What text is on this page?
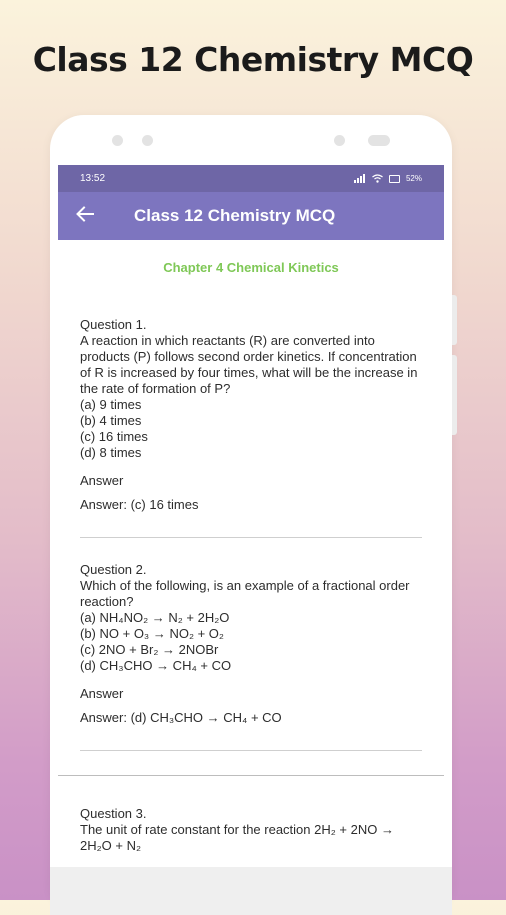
Class 12 Chemistry MCQ
13:52	52%
Class 12 Chemistry MCQ
Chapter 4 Chemical Kinetics
Question 1.
A reaction in which reactants (R) are converted into products (P) follows second order kinetics. If concentration of R is increased by four times, what will be the increase in the rate of formation of P?
(a) 9 times
(b) 4 times
(c) 16 times
(d) 8 times
Answer
Answer: (c) 16 times
Question 2.
Which of the following, is an example of a fractional order reaction?
(a) NH₄NO₂ → N₂ + 2H₂O
(b) NO + O₃ → NO₂ + O₂
(c) 2NO + Br₂ → 2NOBr
(d) CH₃CHO → CH₄ + CO
Answer
Answer: (d) CH₃CHO → CH₄ + CO
Question 3.
The unit of rate constant for the reaction 2H₂ + 2NO → 2H₂O + N₂
